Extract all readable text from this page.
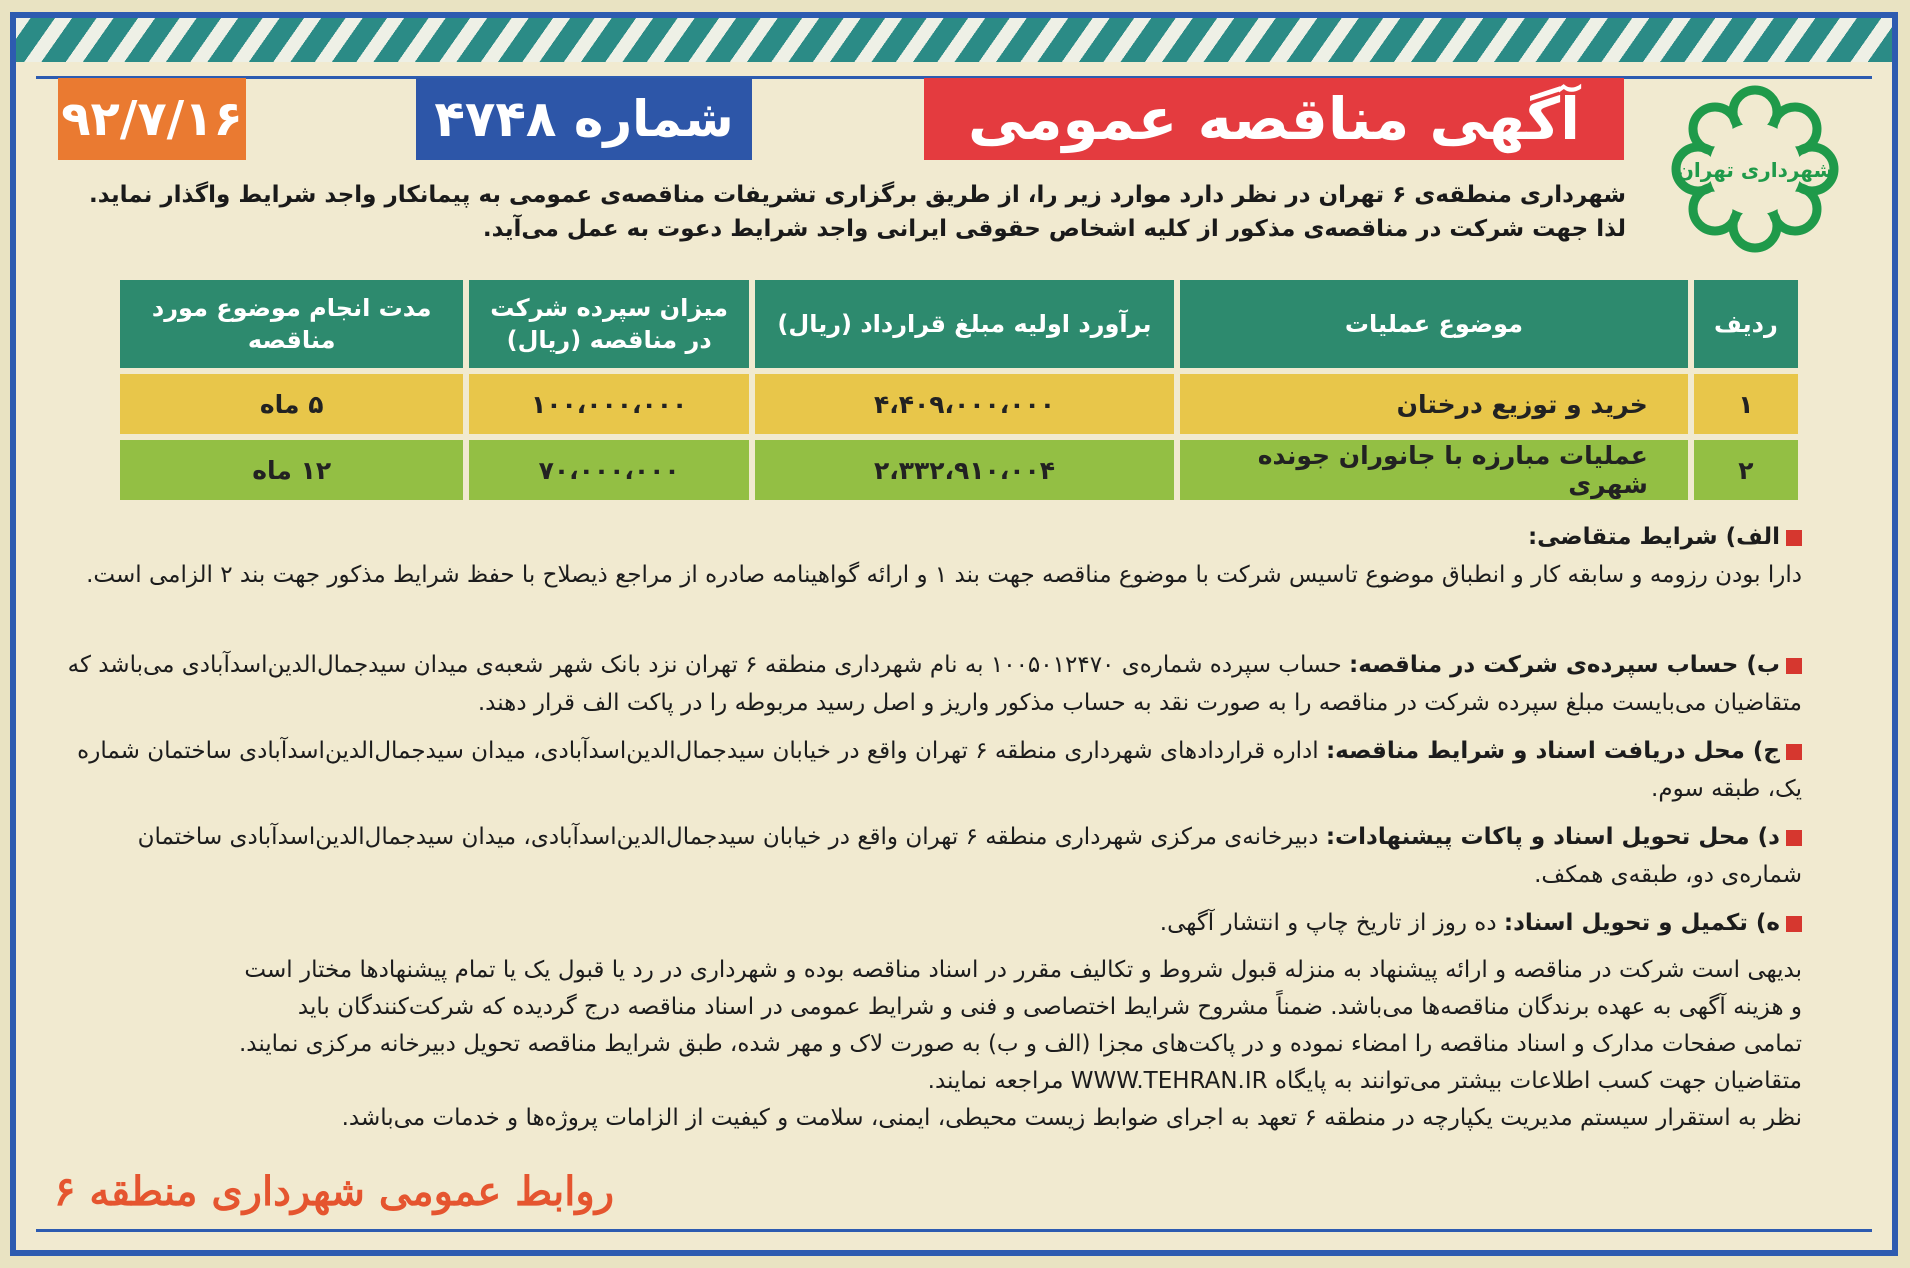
آگهی مناقصه عمومی
شماره ۴۷۴۸
۹۲/۷/۱۶
شهرداری تهران
شهرداری منطقه‌ی ۶ تهران در نظر دارد موارد زیر را، از طریق برگزاری تشریفات مناقصه‌ی عمومی به پیمانکار واجد شرایط واگذار نماید.
لذا جهت شرکت در مناقصه‌ی مذکور از کلیه اشخاص حقوقی ایرانی واجد شرایط دعوت به عمل می‌آید.
ردیف	موضوع عملیات	برآورد اولیه مبلغ قرارداد (ریال)	میزان سپرده شرکت در مناقصه (ریال)	مدت انجام موضوع مورد مناقصه
۱	خرید و توزیع درختان	۴،۴۰۹،۰۰۰،۰۰۰	۱۰۰،۰۰۰،۰۰۰	۵ ماه
۲	عملیات مبارزه با جانوران جونده شهری	۲،۳۳۲،۹۱۰،۰۰۴	۷۰،۰۰۰،۰۰۰	۱۲ ماه
الف) شرایط متقاضی:
دارا بودن رزومه و سابقه کار و انطباق موضوع تاسیس شرکت با موضوع مناقصه جهت بند ۱ و ارائه گواهینامه صادره از مراجع ذیصلاح با حفظ شرایط مذکور جهت بند ۲ الزامی است.
ب) حساب سپرده‌ی شرکت در مناقصه: حساب سپرده شماره‌ی ۱۰۰۵۰۱۲۴۷۰ به نام شهرداری منطقه ۶ تهران نزد بانک شهر شعبه‌ی میدان سیدجمال‌الدین‌اسدآبادی می‌باشد که متقاضیان می‌بایست مبلغ سپرده شرکت در مناقصه را به صورت نقد به حساب مذکور واریز و اصل رسید مربوطه را در پاکت الف قرار دهند.
ج) محل دریافت اسناد و شرایط مناقصه: اداره قراردادهای شهرداری منطقه ۶ تهران واقع در خیابان سیدجمال‌الدین‌اسدآبادی، میدان سیدجمال‌الدین‌اسدآبادی ساختمان شماره یک، طبقه سوم.
د) محل تحویل اسناد و پاکات پیشنهادات: دبیرخانه‌ی مرکزی شهرداری منطقه ۶ تهران واقع در خیابان سیدجمال‌الدین‌اسدآبادی، میدان سیدجمال‌الدین‌اسدآبادی ساختمان شماره‌ی دو، طبقه‌ی همکف.
ه) تکمیل و تحویل اسناد: ده روز از تاریخ چاپ و انتشار آگهی.
بدیهی است شرکت در مناقصه و ارائه پیشنهاد به منزله قبول شروط و تکالیف مقرر در اسناد مناقصه بوده و شهرداری در رد یا قبول یک یا تمام پیشنهادها مختار است
و هزینه آگهی به عهده برندگان مناقصه‌ها می‌باشد. ضمناً مشروح شرایط اختصاصی و فنی و شرایط عمومی در اسناد مناقصه درج گردیده که شرکت‌کنندگان باید
تمامی صفحات مدارک و اسناد مناقصه را امضاء نموده و در پاکت‌های مجزا (الف و ب) به صورت لاک و مهر شده، طبق شرایط مناقصه تحویل دبیرخانه مرکزی نمایند.
متقاضیان جهت کسب اطلاعات بیشتر می‌توانند به پایگاه WWW.TEHRAN.IR مراجعه نمایند.
نظر به استقرار سیستم مدیریت یکپارچه در منطقه ۶ تعهد به اجرای ضوابط زیست محیطی، ایمنی، سلامت و کیفیت از الزامات پروژه‌ها و خدمات می‌باشد.
روابط عمومی شهرداری منطقه ۶
